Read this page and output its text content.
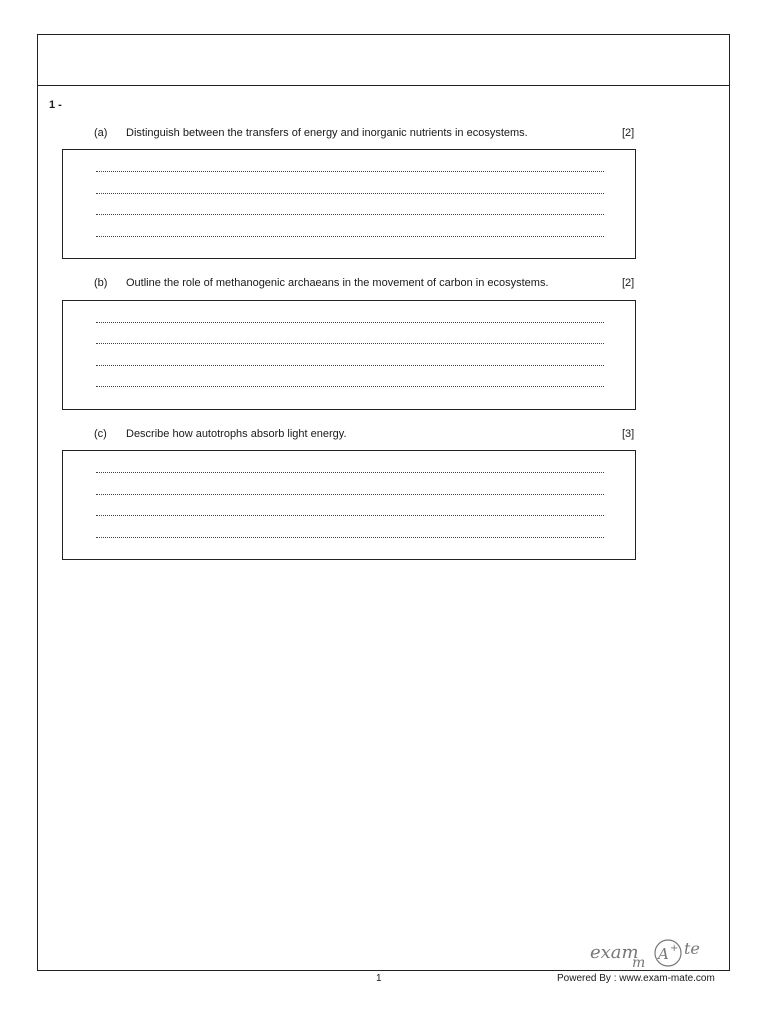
1 -
(a) Distinguish between the transfers of energy and inorganic nutrients in ecosystems.	[2]
(b) Outline the role of methanogenic archaeans in the movement of carbon in ecosystems.	[2]
(c) Describe how autotrophs absorb light energy.	[3]
exam
m A + te
1	Powered By : www.exam-mate.com
